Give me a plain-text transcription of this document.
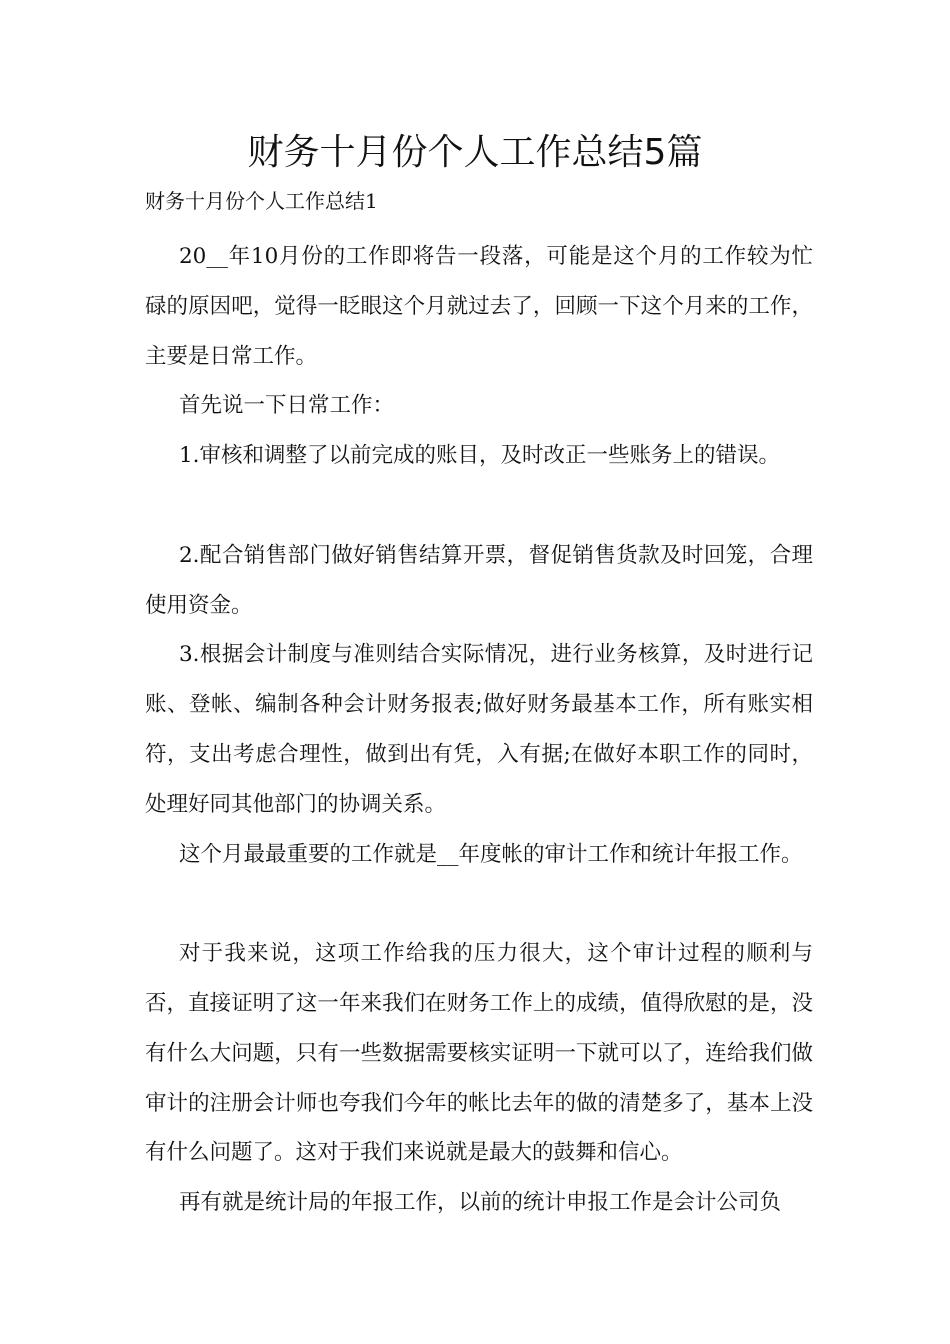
财务十月份个人工作总结5篇

财务十月份个人工作总结1

20__年10月份的工作即将告一段落，可能是这个月的工作较为忙碌的原因吧，觉得一眨眼这个月就过去了，回顾一下这个月来的工作，主要是日常工作。

首先说一下日常工作：

1.审核和调整了以前完成的账目，及时改正一些账务上的错误。

2.配合销售部门做好销售结算开票，督促销售货款及时回笼，合理使用资金。

3.根据会计制度与准则结合实际情况，进行业务核算，及时进行记账、登帐、编制各种会计财务报表;做好财务最基本工作，所有账实相符，支出考虑合理性，做到出有凭，入有据;在做好本职工作的同时，处理好同其他部门的协调关系。

这个月最最重要的工作就是__年度帐的审计工作和统计年报工作。

对于我来说，这项工作给我的压力很大，这个审计过程的顺利与否，直接证明了这一年来我们在财务工作上的成绩，值得欣慰的是，没有什么大问题，只有一些数据需要核实证明一下就可以了，连给我们做审计的注册会计师也夸我们今年的帐比去年的做的清楚多了，基本上没有什么问题了。这对于我们来说就是最大的鼓舞和信心。

再有就是统计局的年报工作，以前的统计申报工作是会计公司负
